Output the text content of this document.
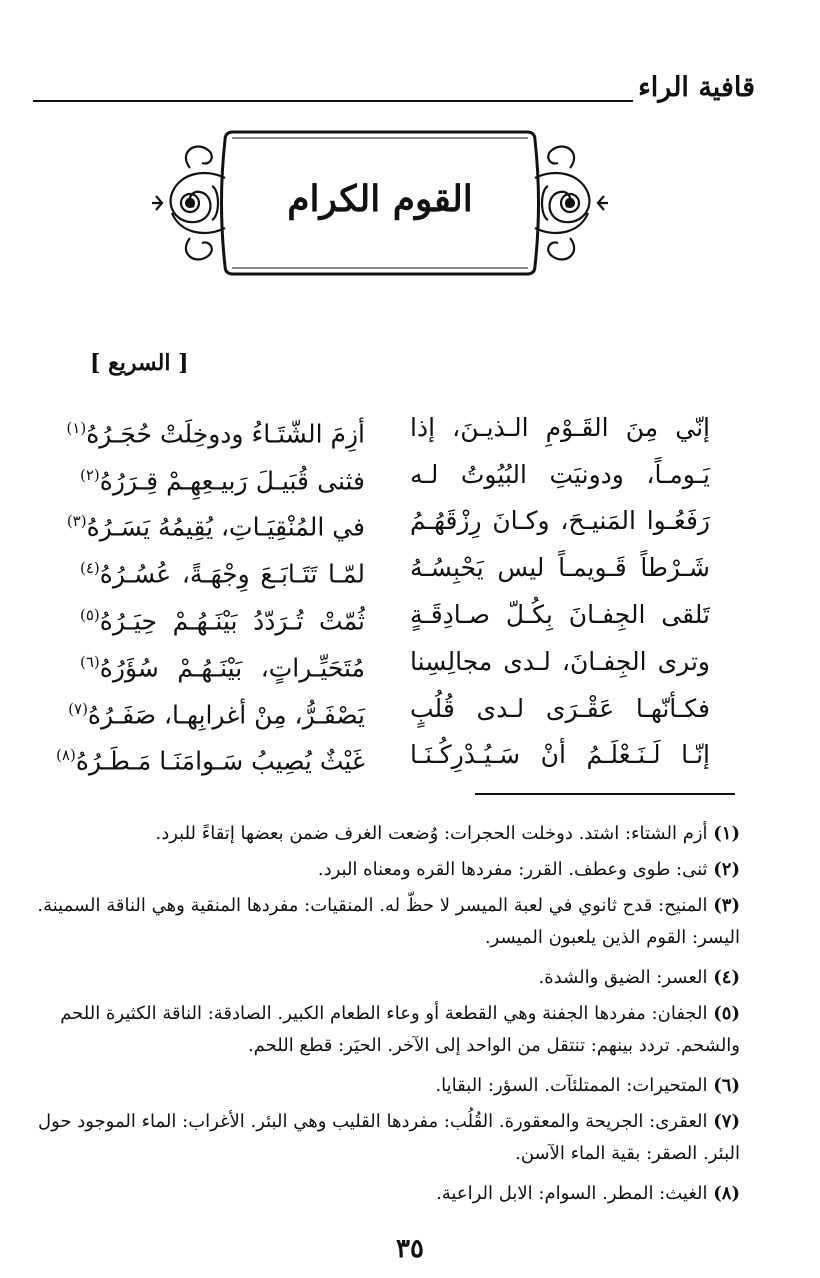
قافية الراء
القوم الكرام
[ السريع ]
إنّي مِنَ القَـوْمِ الـذيـنَ، إذا
أزِمَ الشّتَـاءُ ودوخِلَتْ حُجَـرُهُ$^{(١)}$
يَـومـاً، ودونيَتِ البُيُوتُ لـه
فثنى قُبَيـلَ رَبيـعِهِـمْ قِـرَرُهُ$^{(٢)}$
رَفَعُـوا المَنيـحَ، وكـانَ رِزْقَهُـمُ
في المُنْقِيَـاتِ، يُقِيمُهُ يَسَـرُهُ$^{(٣)}$
شَـرْطاً قَـويمـاً ليس يَحْبِسُـهُ
لمّـا تَتَـابَـعَ وِجْهَـةً، عُسُـرُهُ$^{(٤)}$
تَلقى الجِفـانَ بِكُـلّ صـادِقَـةٍ
ثُمّتْ تُـرَدّدُ بَيْنَـهُـمْ حِيَـرُهُ$^{(٥)}$
وترى الجِفـانَ، لـدى مجالِسِنا
مُتَحَيِّـراتٍ، بَيْنَـهُـمْ سُؤَرُهُ$^{(٦)}$
فكـأنّهـا عَقْـرَى لـدى قُلُبٍ
يَصْفَـرُّ، مِنْ أغرابِهـا، صَفَـرُهُ$^{(٧)}$
إنّـا لَـنَـعْلَـمُ أنْ سَـيُـدْرِكُـنَـا
غَيْثٌ يُصِيبُ سَـوامَنَـا مَـطَـرُهُ$^{(٨)}$
(١) أزم الشتاء: اشتد. دوخلت الحجرات: وُضعت الغرف ضمن بعضها إتقاءً للبرد.
(٢) ثنى: طوى وعطف. القرر: مفردها القره ومعناه البرد.
(٣) المنيح: قدح ثانوي في لعبة الميسر لا حظّ له. المنقيات: مفردها المنقية وهي الناقة السمينة. اليسر: القوم الذين يلعبون الميسر.
(٤) العسر: الضيق والشدة.
(٥) الجفان: مفردها الجفنة وهي القطعة أو وعاء الطعام الكبير. الصادقة: الناقة الكثيرة اللحم والشحم. تردد بينهم: تنتقل من الواحد إلى الآخر. الحيَر: قطع اللحم.
(٦) المتحيرات: الممتلئآت. السؤر: البقايا.
(٧) العقرى: الجريحة والمعقورة. القُلُب: مفردها القليب وهي البئر. الأغراب: الماء الموجود حول البئر. الصقر: بقية الماء الآسن.
(٨) الغيث: المطر. السوام: الابل الراعية.
٣٥
